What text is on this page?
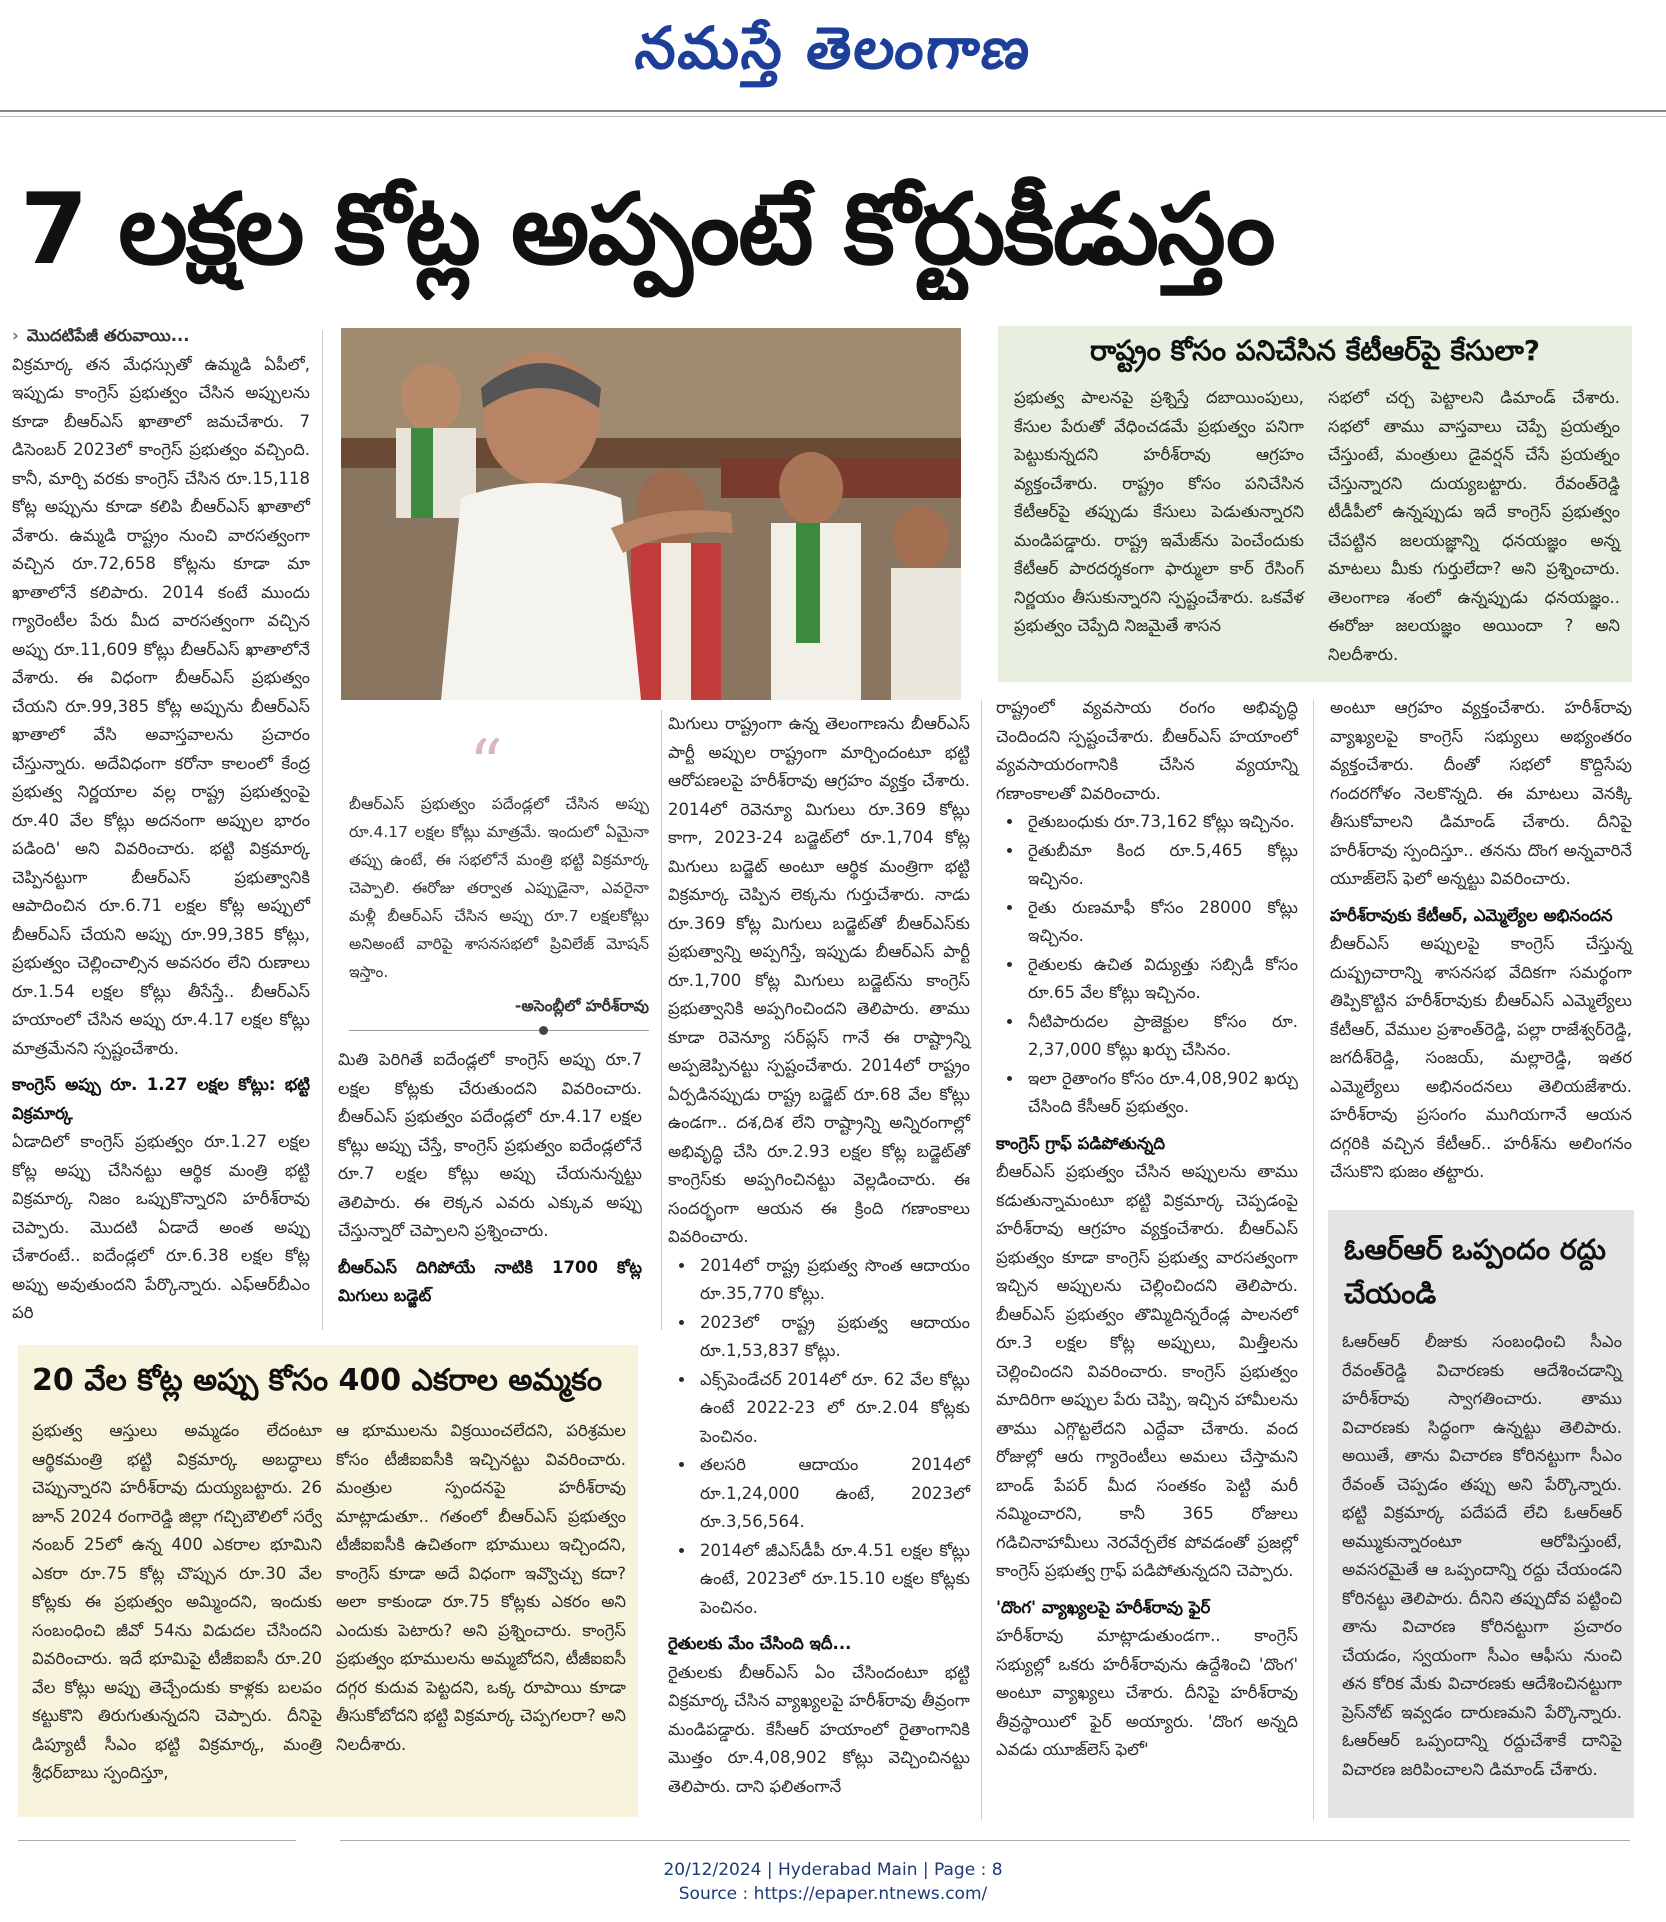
నమస్తే తెలంగాణ
7 లక్షల కోట్ల అప్పంటే కోర్టుకీడుస్తం

› మొదటిపేజీ తరువాయి...

విక్రమార్క తన మేధస్సుతో ఉమ్మడి ఏపీలో, ఇప్పుడు కాంగ్రెస్ ప్రభుత్వం చేసిన అప్పులను కూడా బీఆర్ఎస్ ఖాతాలో జమచేశారు. 7 డిసెంబర్ 2023లో కాంగ్రెస్ ప్రభుత్వం వచ్చింది. కానీ, మార్చి వరకు కాంగ్రెస్ చేసిన రూ.15,118 కోట్ల అప్పును కూడా కలిపి బీఆర్ఎస్ ఖాతాలో వేశారు. ఉమ్మడి రాష్ట్రం నుంచి వారసత్వంగా వచ్చిన రూ.72,658 కోట్లను కూడా మా ఖాతాలోనే కలిపారు. 2014 కంటే ముందు గ్యారెంటీల పేరు మీద వారసత్వంగా వచ్చిన అప్పు రూ.11,609 కోట్లు బీఆర్ఎస్ ఖాతాలోనే వేశారు. ఈ విధంగా బీఆర్ఎస్ ప్రభుత్వం చేయని రూ.99,385 కోట్ల అప్పును బీఆర్ఎస్ ఖాతాలో వేసి అవాస్తవాలను ప్రచారం చేస్తున్నారు. అదేవిధంగా కరోనా కాలంలో కేంద్ర ప్రభుత్వ నిర్ణయాల వల్ల రాష్ట్ర ప్రభుత్వంపై రూ.40 వేల కోట్లు అదనంగా అప్పుల భారం పడింది' అని వివరించారు. భట్టి విక్రమార్క చెప్పినట్టుగా బీఆర్ఎస్ ప్రభుత్వానికి ఆపాదించిన రూ.6.71 లక్షల కోట్ల అప్పులో బీఆర్ఎస్ చేయని అప్పు రూ.99,385 కోట్లు, ప్రభుత్వం చెల్లించాల్సిన అవసరం లేని రుణాలు రూ.1.54 లక్షల కోట్లు తీసేస్తే.. బీఆర్ఎస్ హయాంలో చేసిన అప్పు రూ.4.17 లక్షల కోట్లు మాత్రమేనని స్పష్టంచేశారు.

కాంగ్రెస్ అప్పు రూ. 1.27 లక్షల కోట్లు: భట్టి విక్రమార్క

ఏడాదిలో కాంగ్రెస్ ప్రభుత్వం రూ.1.27 లక్షల కోట్ల అప్పు చేసినట్టు ఆర్థిక మంత్రి భట్టి విక్రమార్క నిజం ఒప్పుకొన్నారని హరీశ్‌రావు చెప్పారు. మొదటి ఏడాదే అంత అప్పు చేశారంటే.. ఐదేండ్లలో రూ.6.38 లక్షల కోట్ల అప్పు అవుతుందని పేర్కొన్నారు. ఎఫ్ఆర్‌బీఎం పరి

“
బీఆర్ఎస్ ప్రభుత్వం పదేండ్లలో చేసిన అప్పు రూ.4.17 లక్షల కోట్లు మాత్రమే. ఇందులో ఏమైనా తప్పు ఉంటే, ఈ సభలోనే మంత్రి భట్టి విక్రమార్క చెప్పాలి. ఈరోజు తర్వాత ఎప్పుడైనా, ఎవరైనా మళ్లీ బీఆర్ఎస్ చేసిన అప్పు రూ.7 లక్షలకోట్లు అనిఅంటే వారిపై శాసనసభలో ప్రివిలేజ్ మోషన్ ఇస్తాం.
-అసెంబ్లీలో హరీశ్‌రావు

మితి పెరిగితే ఐదేండ్లలో కాంగ్రెస్ అప్పు రూ.7 లక్షల కోట్లకు చేరుతుందని వివరించారు. బీఆర్ఎస్ ప్రభుత్వం పదేండ్లలో రూ.4.17 లక్షల కోట్లు అప్పు చేస్తే, కాంగ్రెస్ ప్రభుత్వం ఐదేండ్లలోనే రూ.7 లక్షల కోట్లు అప్పు చేయనున్నట్టు తెలిపారు. ఈ లెక్కన ఎవరు ఎక్కువ అప్పు చేస్తున్నారో చెప్పాలని ప్రశ్నించారు.

బీఆర్ఎస్ దిగిపోయే నాటికి 1700 కోట్ల మిగులు బడ్జెట్

మిగులు రాష్ట్రంగా ఉన్న తెలంగాణను బీఆర్ఎస్ పార్టీ అప్పుల రాష్ట్రంగా మార్చిందంటూ భట్టి ఆరోపణలపై హరీశ్‌రావు ఆగ్రహం వ్యక్తం చేశారు. 2014లో రెవెన్యూ మిగులు రూ.369 కోట్లు కాగా, 2023-24 బడ్జెట్‌లో రూ.1,704 కోట్ల మిగులు బడ్జెట్ అంటూ ఆర్థిక మంత్రిగా భట్టి విక్రమార్క చెప్పిన లెక్కను గుర్తుచేశారు. నాడు రూ.369 కోట్ల మిగులు బడ్జెట్‌తో బీఆర్ఎస్‌కు ప్రభుత్వాన్ని అప్పగిస్తే, ఇప్పుడు బీఆర్ఎస్ పార్టీ రూ.1,700 కోట్ల మిగులు బడ్జెట్‌ను కాంగ్రెస్ ప్రభుత్వానికి అప్పగించిందని తెలిపారు. తాము కూడా రెవెన్యూ సర్‌ప్లస్ గానే ఈ రాష్ట్రాన్ని అప్పజెప్పినట్టు స్పష్టంచేశారు. 2014లో రాష్ట్రం ఏర్పడినప్పుడు రాష్ట్ర బడ్జెట్ రూ.68 వేల కోట్లు ఉండగా.. దశ,దిశ లేని రాష్ట్రాన్ని అన్నిరంగాల్లో అభివృద్ధి చేసి రూ.2.93 లక్షల కోట్ల బడ్జెట్‌తో కాంగ్రెస్‌కు అప్పగించినట్టు వెల్లడించారు. ఈ సందర్భంగా ఆయన ఈ క్రింది గణాంకాలు వివరించారు.

• 2014లో రాష్ట్ర ప్రభుత్వ సొంత ఆదాయం రూ.35,770 కోట్లు.
• 2023లో రాష్ట్ర ప్రభుత్వ ఆదాయం రూ.1,53,837 కోట్లు.
• ఎక్స్‌పెండేచర్ 2014లో రూ. 62 వేల కోట్లు ఉంటే 2022-23 లో రూ.2.04 కోట్లకు పెంచినం.
• తలసరి ఆదాయం 2014లో రూ.1,24,000 ఉంటే, 2023లో రూ.3,56,564.
• 2014లో జీఎస్‌డీపీ రూ.4.51 లక్షల కోట్లు ఉంటే, 2023లో రూ.15.10 లక్షల కోట్లకు పెంచినం.

రైతులకు మేం చేసింది ఇదీ...

రైతులకు బీఆర్ఎస్ ఏం చేసిందంటూ భట్టి విక్రమార్క చేసిన వ్యాఖ్యలపై హరీశ్‌రావు తీవ్రంగా మండిపడ్డారు. కేసీఆర్ హయాంలో రైతాంగానికి మొత్తం రూ.4,08,902 కోట్లు వెచ్చించినట్టు తెలిపారు. దాని ఫలితంగానే

రాష్ట్రం కోసం పనిచేసిన కేటీఆర్‌పై కేసులా?
ప్రభుత్వ పాలనపై ప్రశ్నిస్తే దబాయింపులు, కేసుల పేరుతో వేధించడమే ప్రభుత్వం పనిగా పెట్టుకున్నదని హరీశ్‌రావు ఆగ్రహం వ్యక్తంచేశారు. రాష్ట్రం కోసం పనిచేసిన కేటీఆర్‌పై తప్పుడు కేసులు పెడుతున్నారని మండిపడ్డారు. రాష్ట్ర ఇమేజ్‌ను పెంచేందుకు కేటీఆర్ పారదర్శకంగా ఫార్ములా కార్ రేసింగ్ నిర్ణయం తీసుకున్నారని స్పష్టంచేశారు. ఒకవేళ ప్రభుత్వం చెప్పేది నిజమైతే శాసన
సభలో చర్చ పెట్టాలని డిమాండ్ చేశారు. సభలో తాము వాస్తవాలు చెప్పే ప్రయత్నం చేస్తుంటే, మంత్రులు డైవర్షన్ చేసే ప్రయత్నం చేస్తున్నారని దుయ్యబట్టారు. రేవంత్‌రెడ్డి టీడీపీలో ఉన్నప్పుడు ఇదే కాంగ్రెస్ ప్రభుత్వం చేపట్టిన జలయజ్ఞాన్ని ధనయజ్ఞం అన్న మాటలు మీకు గుర్తులేదా? అని ప్రశ్నించారు. తెలంగాణ శంలో ఉన్నప్పుడు ధనయజ్ఞం.. ఈరోజు జలయజ్ఞం అయిందా ? అని నిలదీశారు.

రాష్ట్రంలో వ్యవసాయ రంగం అభివృద్ధి చెందిందని స్పష్టంచేశారు. బీఆర్ఎస్ హయాంలో వ్యవసాయరంగానికి చేసిన వ్యయాన్ని గణాంకాలతో వివరించారు.

• రైతుబంధుకు రూ.73,162 కోట్లు ఇచ్చినం.
• రైతుబీమా కింద రూ.5,465 కోట్లు ఇచ్చినం.
• రైతు రుణమాఫీ కోసం 28000 కోట్లు ఇచ్చినం.
• రైతులకు ఉచిత విద్యుత్తు సబ్సిడీ కోసం రూ.65 వేల కోట్లు ఇచ్చినం.
• నీటిపారుదల ప్రాజెక్టుల కోసం రూ. 2,37,000 కోట్లు ఖర్చు చేసినం.
• ఇలా రైతాంగం కోసం రూ.4,08,902 ఖర్చు చేసింది కేసీఆర్ ప్రభుత్వం.

కాంగ్రెస్ గ్రాఫ్ పడిపోతున్నది

బీఆర్ఎస్ ప్రభుత్వం చేసిన అప్పులను తాము కడుతున్నామంటూ భట్టి విక్రమార్క చెప్పడంపై హరీశ్‌రావు ఆగ్రహం వ్యక్తంచేశారు. బీఆర్ఎస్ ప్రభుత్వం కూడా కాంగ్రెస్ ప్రభుత్వ వారసత్వంగా ఇచ్చిన అప్పులను చెల్లించిందని తెలిపారు. బీఆర్ఎస్ ప్రభుత్వం తొమ్మిదిన్నరేండ్ల పాలనలో రూ.3 లక్షల కోట్ల అప్పులు, మిత్తీలను చెల్లించిందని వివరించారు. కాంగ్రెస్ ప్రభుత్వం మాదిరిగా అప్పుల పేరు చెప్పి, ఇచ్చిన హామీలను తాము ఎగ్గొట్టలేదని ఎద్దేవా చేశారు. వంద రోజుల్లో ఆరు గ్యారెంటీలు అమలు చేస్తామని బాండ్ పేపర్ మీద సంతకం పెట్టి మరీ నమ్మించారని, కానీ 365 రోజులు గడిచినాహామీలు నెరవేర్చలేక పోవడంతో ప్రజల్లో కాంగ్రెస్ ప్రభుత్వ గ్రాఫ్ పడిపోతున్నదని చెప్పారు.

'దొంగ' వ్యాఖ్యలపై హరీశ్‌రావు ఫైర్

హరీశ్‌రావు మాట్లాడుతుండగా.. కాంగ్రెస్ సభ్యుల్లో ఒకరు హరీశ్‌రావును ఉద్దేశించి 'దొంగ' అంటూ వ్యాఖ్యలు చేశారు. దీనిపై హరీశ్‌రావు తీవ్రస్థాయిలో ఫైర్ అయ్యారు. 'దొంగ అన్నది ఎవడు యూజ్‌లెస్ ఫెలో'

అంటూ ఆగ్రహం వ్యక్తంచేశారు. హరీశ్‌రావు వ్యాఖ్యలపై కాంగ్రెస్ సభ్యులు అభ్యంతరం వ్యక్తంచేశారు. దీంతో సభలో కొద్దిసేపు గందరగోళం నెలకొన్నది. ఈ మాటలు వెనక్కి తీసుకోవాలని డిమాండ్ చేశారు. దీనిపై హరీశ్‌రావు స్పందిస్తూ.. తనను దొంగ అన్నవారినే యూజ్‌లెస్ ఫెలో అన్నట్టు వివరించారు.

హరీశ్‌రావుకు కేటీఆర్, ఎమ్మెల్యేల అభినందన

బీఆర్ఎస్ అప్పులపై కాంగ్రెస్ చేస్తున్న దుష్ప్రచారాన్ని శాసనసభ వేదికగా సమర్థంగా తిప్పికొట్టిన హరీశ్‌రావుకు బీఆర్ఎస్ ఎమ్మెల్యేలు కేటీఆర్, వేముల ప్రశాంత్‌రెడ్డి, పల్లా రాజేశ్వర్‌రెడ్డి, జగదీశ్‌రెడ్డి, సంజయ్, మల్లారెడ్డి, ఇతర ఎమ్మెల్యేలు అభినందనలు తెలియజేశారు. హరీశ్‌రావు ప్రసంగం ముగియగానే ఆయన దగ్గరికి వచ్చిన కేటీఆర్.. హరీశ్‌ను అలింగనం చేసుకొని భుజం తట్టారు.

20 వేల కోట్ల అప్పు కోసం 400 ఎకరాల అమ్మకం
ప్రభుత్వ ఆస్తులు అమ్మడం లేదంటూ ఆర్థికమంత్రి భట్టి విక్రమార్క అబద్ధాలు చెప్పున్నారని హరీశ్‌రావు దుయ్యబట్టారు. 26 జూన్ 2024 రంగారెడ్డి జిల్లా గచ్చిబౌలిలో సర్వే నంబర్ 25లో ఉన్న 400 ఎకరాల భూమిని ఎకరా రూ.75 కోట్ల చొప్పున రూ.30 వేల కోట్లకు ఈ ప్రభుత్వం అమ్మిందని, ఇందుకు సంబంధించి జీవో 54ను విడుదల చేసిందని వివరించారు. ఇదే భూమిపై టీజీఐఐసీ రూ.20 వేల కోట్లు అప్పు తెచ్చేందుకు కాళ్లకు బలపం కట్టుకొని తిరుగుతున్నదని చెప్పారు. దీనిపై డిప్యూటీ సీఎం భట్టి విక్రమార్క, మంత్రి శ్రీధర్‌బాబు స్పందిస్తూ,
ఆ భూములను విక్రయించలేదని, పరిశ్రమల కోసం టీజీఐఐసీకి ఇచ్చినట్టు వివరించారు. మంత్రుల స్పందనపై హరీశ్‌రావు మాట్లాడుతూ.. గతంలో బీఆర్ఎస్ ప్రభుత్వం టీజీఐఐసీకి ఉచితంగా భూములు ఇచ్చిందని, కాంగ్రెస్ కూడా అదే విధంగా ఇవ్వొచ్చు కదా? అలా కాకుండా రూ.75 కోట్లకు ఎకరం అని ఎందుకు పెటారు? అని ప్రశ్నించారు. కాంగ్రెస్ ప్రభుత్వం భూములను అమ్మబోదని, టీజీఐఐసీ దగ్గర కుదువ పెట్టదని, ఒక్క రూపాయి కూడా తీసుకోబోదని భట్టి విక్రమార్క చెప్పగలరా? అని నిలదీశారు.
ఓఆర్ఆర్ ఒప్పందం రద్దు చేయండి
ఓఆర్ఆర్ లీజుకు సంబంధించి సీఎం రేవంత్‌రెడ్డి విచారణకు ఆదేశించడాన్ని హరీశ్‌రావు స్వాగతించారు. తాము విచారణకు సిద్ధంగా ఉన్నట్టు తెలిపారు. అయితే, తాను విచారణ కోరినట్టుగా సీఎం రేవంత్ చెప్పడం తప్పు అని పేర్కొన్నారు. భట్టి విక్రమార్క పదేపదే లేచి ఓఆర్ఆర్ అమ్ముకున్నారంటూ ఆరోపిస్తుంటే, అవసరమైతే ఆ ఒప్పందాన్ని రద్దు చేయండని కోరినట్టు తెలిపారు. దీనిని తప్పుదోవ పట్టించి తాను విచారణ కోరినట్టుగా ప్రచారం చేయడం, స్వయంగా సీఎం ఆఫీసు నుంచి తన కోరిక మేకు విచారణకు ఆదేశించినట్టుగా ప్రెస్‌నోట్ ఇవ్వడం దారుణమని పేర్కొన్నారు. ఓఆర్ఆర్ ఒప్పందాన్ని రద్దుచేశాకే దానిపై విచారణ జరిపించాలని డిమాండ్ చేశారు.
20/12/2024 | Hyderabad Main | Page : 8
Source : https://epaper.ntnews.com/
